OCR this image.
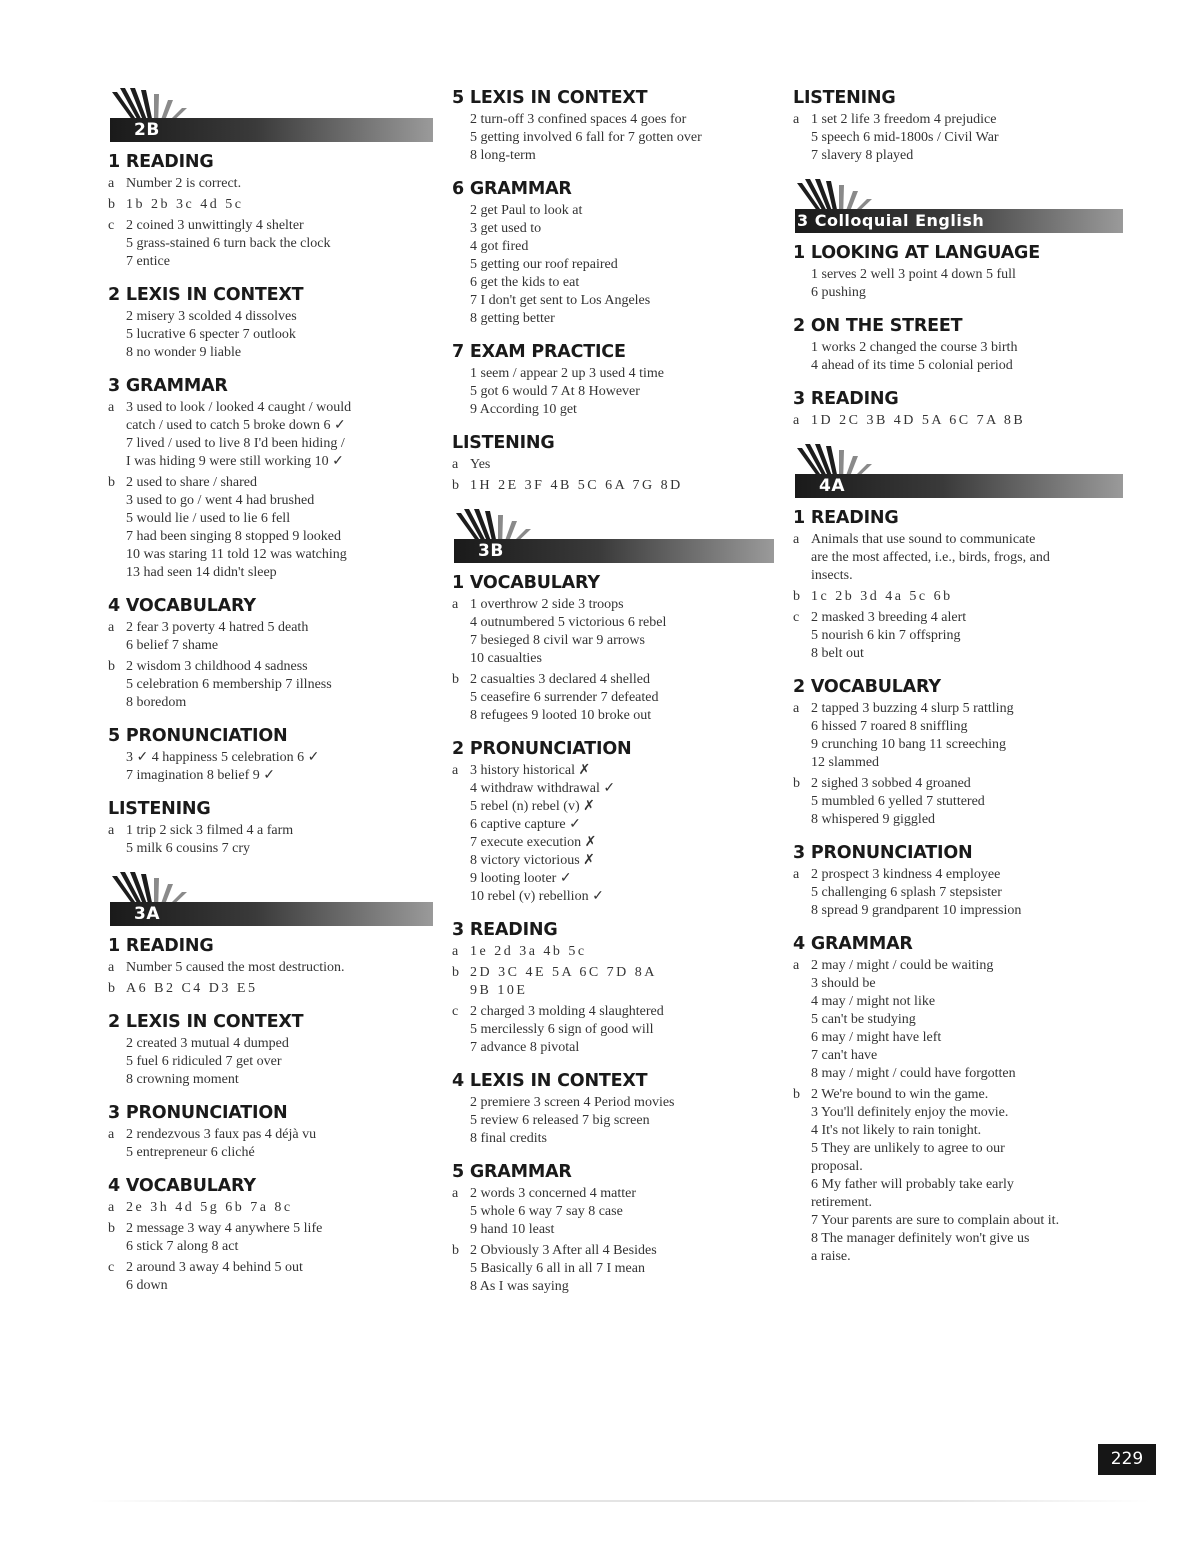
2B
1 READING
a Number 2 is correct.
b 1b 2b 3c 4d 5c
c 2 coined 3 unwittingly 4 shelter
5 grass-stained 6 turn back the clock
7 entice
2 LEXIS IN CONTEXT
2 misery 3 scolded 4 dissolves
5 lucrative 6 specter 7 outlook
8 no wonder 9 liable
3 GRAMMAR
a 3 used to look / looked 4 caught / would
catch / used to catch 5 broke down 6 ✓
7 lived / used to live 8 I'd been hiding /
I was hiding 9 were still working 10 ✓
b 2 used to share / shared
3 used to go / went 4 had brushed
5 would lie / used to lie 6 fell
7 had been singing 8 stopped 9 looked
10 was staring 11 told 12 was watching
13 had seen 14 didn't sleep
4 VOCABULARY
a 2 fear 3 poverty 4 hatred 5 death
6 belief 7 shame
b 2 wisdom 3 childhood 4 sadness
5 celebration 6 membership 7 illness
8 boredom
5 PRONUNCIATION
3 ✓ 4 happiness 5 celebration 6 ✓
7 imagination 8 belief 9 ✓
LISTENING
a 1 trip 2 sick 3 filmed 4 a farm
5 milk 6 cousins 7 cry
3A
1 READING
a Number 5 caused the most destruction.
b A6 B2 C4 D3 E5
2 LEXIS IN CONTEXT
2 created 3 mutual 4 dumped
5 fuel 6 ridiculed 7 get over
8 crowning moment
3 PRONUNCIATION
a 2 rendezvous 3 faux pas 4 déjà vu
5 entrepreneur 6 cliché
4 VOCABULARY
a 2e 3h 4d 5g 6b 7a 8c
b 2 message 3 way 4 anywhere 5 life
6 stick 7 along 8 act
c 2 around 3 away 4 behind 5 out
6 down
5 LEXIS IN CONTEXT
2 turn-off 3 confined spaces 4 goes for
5 getting involved 6 fall for 7 gotten over
8 long-term
6 GRAMMAR
2 get Paul to look at
3 get used to
4 got fired
5 getting our roof repaired
6 get the kids to eat
7 I don't get sent to Los Angeles
8 getting better
7 EXAM PRACTICE
1 seem / appear 2 up 3 used 4 time
5 got 6 would 7 At 8 However
9 According 10 get
LISTENING
a Yes
b 1H 2E 3F 4B 5C 6A 7G 8D
3B
1 VOCABULARY
a 1 overthrow 2 side 3 troops
4 outnumbered 5 victorious 6 rebel
7 besieged 8 civil war 9 arrows
10 casualties
b 2 casualties 3 declared 4 shelled
5 ceasefire 6 surrender 7 defeated
8 refugees 9 looted 10 broke out
2 PRONUNCIATION
a 3 history historical ✗
4 withdraw withdrawal ✓
5 rebel (n) rebel (v) ✗
6 captive capture ✓
7 execute execution ✗
8 victory victorious ✗
9 looting looter ✓
10 rebel (v) rebellion ✓
3 READING
a 1e 2d 3a 4b 5c
b 2D 3C 4E 5A 6C 7D 8A
9B 10E
c 2 charged 3 molding 4 slaughtered
5 mercilessly 6 sign of good will
7 advance 8 pivotal
4 LEXIS IN CONTEXT
2 premiere 3 screen 4 Period movies
5 review 6 released 7 big screen
8 final credits
5 GRAMMAR
a 2 words 3 concerned 4 matter
5 whole 6 way 7 say 8 case
9 hand 10 least
b 2 Obviously 3 After all 4 Besides
5 Basically 6 all in all 7 I mean
8 As I was saying
LISTENING
a 1 set 2 life 3 freedom 4 prejudice
5 speech 6 mid-1800s / Civil War
7 slavery 8 played
3 Colloquial English
1 LOOKING AT LANGUAGE
1 serves 2 well 3 point 4 down 5 full
6 pushing
2 ON THE STREET
1 works 2 changed the course 3 birth
4 ahead of its time 5 colonial period
3 READING
a 1D 2C 3B 4D 5A 6C 7A 8B
4A
1 READING
a Animals that use sound to communicate
are the most affected, i.e., birds, frogs, and
insects.
b 1c 2b 3d 4a 5c 6b
c 2 masked 3 breeding 4 alert
5 nourish 6 kin 7 offspring
8 belt out
2 VOCABULARY
a 2 tapped 3 buzzing 4 slurp 5 rattling
6 hissed 7 roared 8 sniffling
9 crunching 10 bang 11 screeching
12 slammed
b 2 sighed 3 sobbed 4 groaned
5 mumbled 6 yelled 7 stuttered
8 whispered 9 giggled
3 PRONUNCIATION
a 2 prospect 3 kindness 4 employee
5 challenging 6 splash 7 stepsister
8 spread 9 grandparent 10 impression
4 GRAMMAR
a 2 may / might / could be waiting
3 should be
4 may / might not like
5 can't be studying
6 may / might have left
7 can't have
8 may / might / could have forgotten
b 2 We're bound to win the game.
3 You'll definitely enjoy the movie.
4 It's not likely to rain tonight.
5 They are unlikely to agree to our
proposal.
6 My father will probably take early
retirement.
7 Your parents are sure to complain about it.
8 The manager definitely won't give us
a raise.
229
